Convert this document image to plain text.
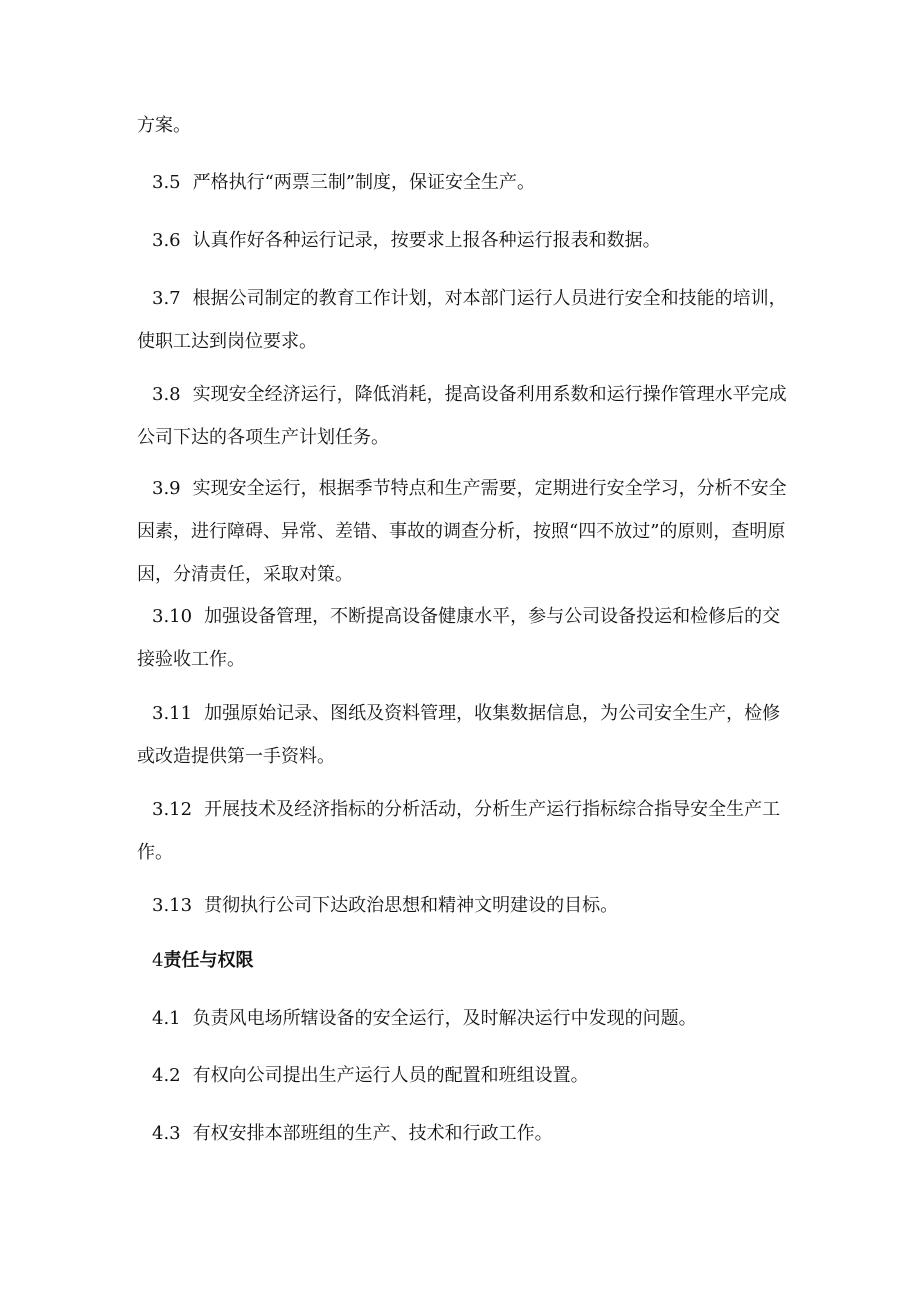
方案。

3.5 严格执行“两票三制”制度，保证安全生产。

3.6 认真作好各种运行记录，按要求上报各种运行报表和数据。

3.7 根据公司制定的教育工作计划，对本部门运行人员进行安全和技能的培训，使职工达到岗位要求。

3.8 实现安全经济运行，降低消耗，提高设备利用系数和运行操作管理水平完成公司下达的各项生产计划任务。

3.9 实现安全运行，根据季节特点和生产需要，定期进行安全学习，分析不安全因素，进行障碍、异常、差错、事故的调查分析，按照“四不放过”的原则，查明原因，分清责任，采取对策。

3.10 加强设备管理，不断提高设备健康水平，参与公司设备投运和检修后的交接验收工作。

3.11 加强原始记录、图纸及资料管理，收集数据信息，为公司安全生产，检修或改造提供第一手资料。

3.12 开展技术及经济指标的分析活动，分析生产运行指标综合指导安全生产工作。

3.13 贯彻执行公司下达政治思想和精神文明建设的目标。

4责任与权限

4.1 负责风电场所辖设备的安全运行，及时解决运行中发现的问题。

4.2 有权向公司提出生产运行人员的配置和班组设置。

4.3 有权安排本部班组的生产、技术和行政工作。
